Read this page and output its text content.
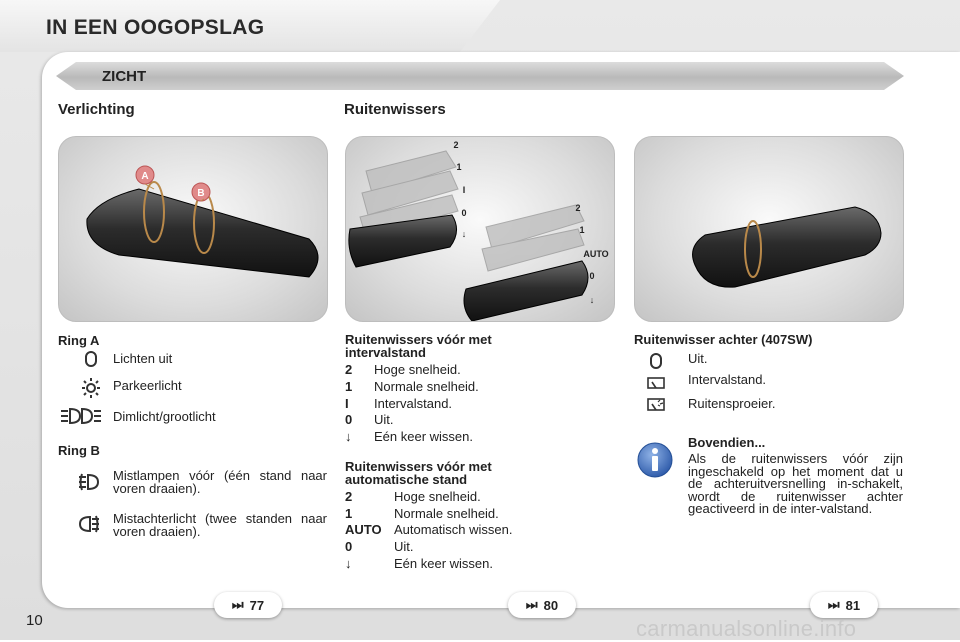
IN EEN OOGOPSLAG
ZICHT
Verlichting	Ruitenwissers
A
B
2
1
I
0
↓
2
1
AUTO
0
↓
Ring A
Lichten uit
Parkeerlicht
Dimlicht/grootlicht
Ring B
Mistlampen vóór (één stand naar voren draaien).
Mistachterlicht (twee standen naar voren draaien).
Ruitenwissers vóór met
intervalstand
2 Hoge snelheid.
1 Normale snelheid.
I Intervalstand.
0 Uit.
↓ Eén keer wissen.
Ruitenwissers vóór met
automatische stand
2	Hoge snelheid.
1	Normale snelheid.
AUTO Automatisch wissen.
0	Uit.
↓	Eén keer wissen.
Ruitenwisser achter (407SW)
Uit.
Intervalstand.
Ruitensproeier.
Bovendien...
Als de ruitenwissers vóór zijn ingeschakeld op het moment dat u de achteruitversnelling in-schakelt, wordt de ruitenwisser achter geactiveerd in de inter-valstand.
⏭ 77	⏭ 80	⏭ 81
10	carmanualsonline.info
